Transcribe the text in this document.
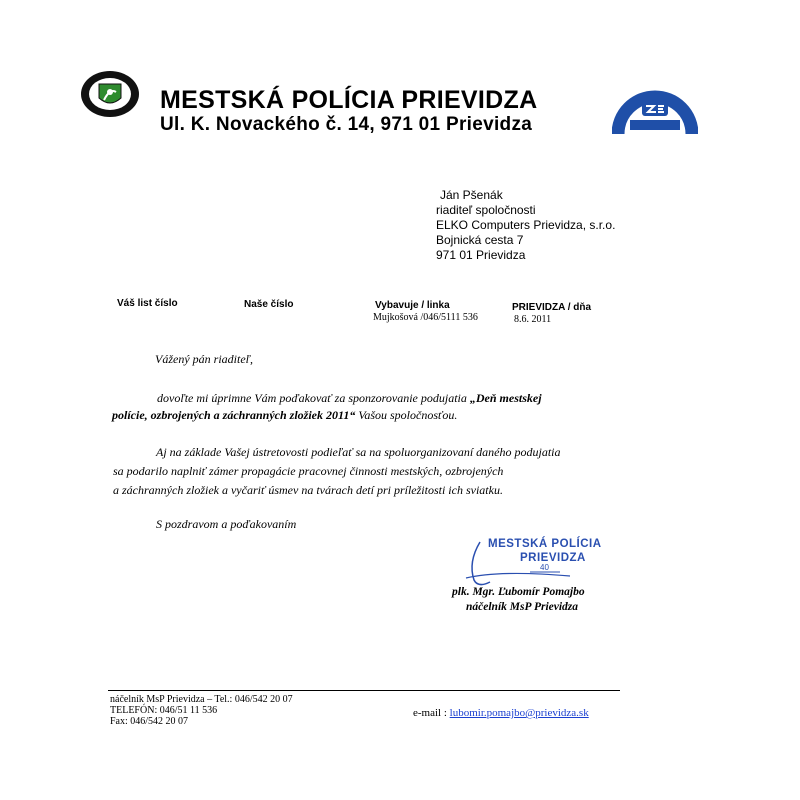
MESTSKÁ POLÍCIA PRIEVIDZA
Ul. K. Novackého č. 14, 971 01 Prievidza
Ján Pšenák
riaditeľ spoločnosti
ELKO Computers Prievidza, s.r.o.
Bojnická cesta 7
971 01 Prievidza
Váš list číslo	Naše číslo	Vybavuje / linka
Mujkošová /046/5111 536
PRIEVIDZA / dňa
8.6. 2011
Vážený pán riaditeľ,
dovoľte mi úprimne Vám poďakovať za sponzorovanie podujatia „Deň mestskej
polície, ozbrojených a záchranných zložiek 2011“ Vašou spoločnosťou.
Aj na základe Vašej ústretovosti podieľať sa na spoluorganizovaní daného podujatia
sa podarilo naplniť zámer propagácie pracovnej činnosti mestských, ozbrojených
a záchranných zložiek a vyčariť úsmev na tvárach detí pri príležitosti ich sviatku.
S pozdravom a poďakovaním
MESTSKÁ POLÍCIA
PRIEVIDZA
40
plk. Mgr. Ľubomír Pomajbo
náčelník MsP Prievidza
náčelník MsP Prievidza – Tel.: 046/542 20 07
TELEFÓN: 046/51 11 536
Fax: 046/542 20 07
e-mail : lubomir.pomajbo@prievidza.sk
